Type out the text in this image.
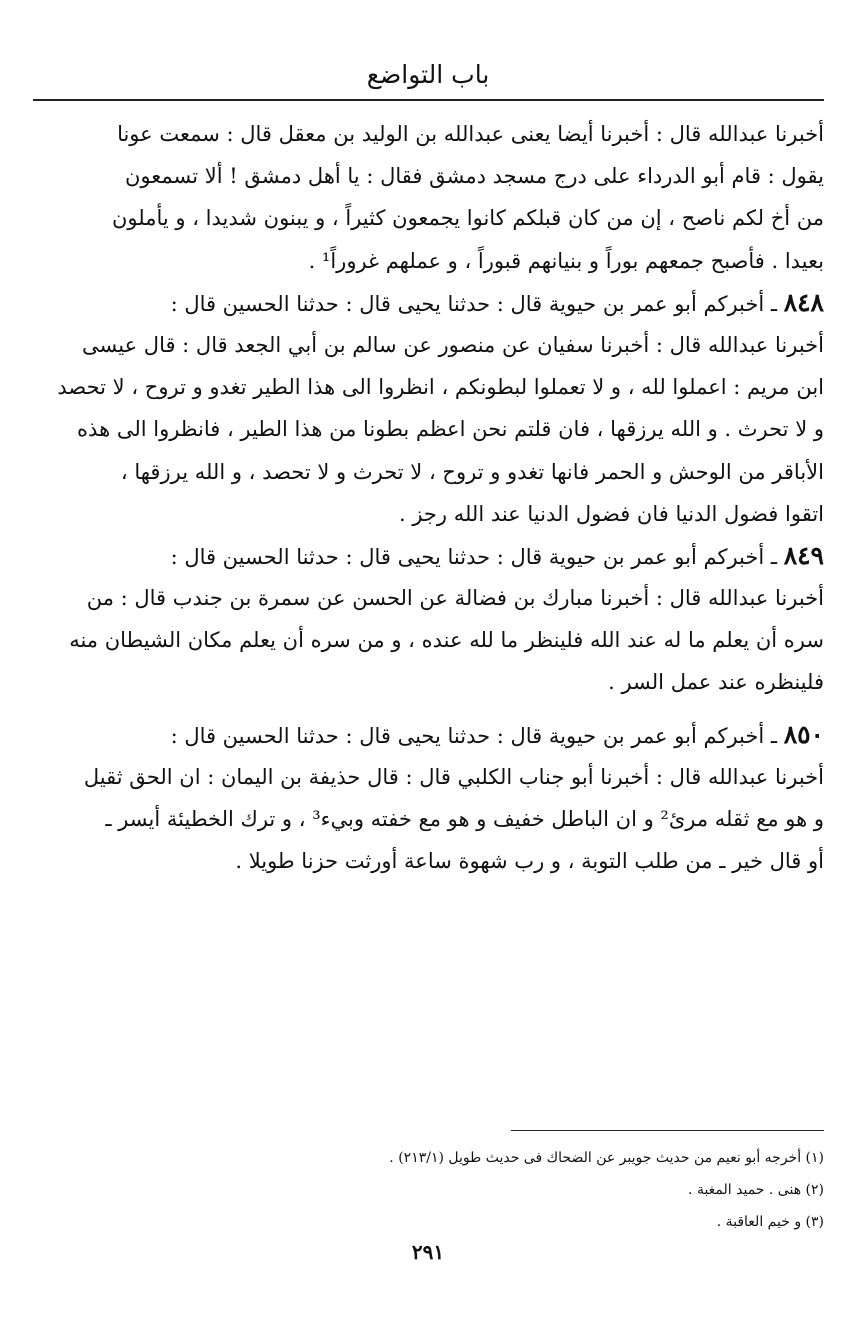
باب التواضع
أخبرنا عبدالله قال : أخبرنا أيضا يعنى عبدالله بن الوليد بن معقل قال : سمعت عونا
يقول : قام أبو الدرداء على درج مسجد دمشق فقال : يا أهل دمشق ! ألا تسمعون
من أخ لكم ناصح ، إن من كان قبلكم كانوا يجمعون كثيراً ، و يبنون شديدا ، و يأملون
بعيدا . فأصبح جمعهم بوراً و بنيانهم قبوراً ، و عملهم غروراً¹ .
٨٤٨ ـ أخبركم أبو عمر بن حيوية قال : حدثنا يحيى قال : حدثنا الحسين قال :
أخبرنا عبدالله قال : أخبرنا سفيان عن منصور عن سالم بن أبي الجعد قال : قال عيسى
ابن مريم : اعملوا لله ، و لا تعملوا لبطونكم ، انظروا الى هذا الطير تغدو و تروح ، لا تحصد
و لا تحرث . و الله يرزقها ، فان قلتم نحن اعظم بطونا من هذا الطير ، فانظروا الى هذه
الأباقر من الوحش و الحمر فانها تغدو و تروح ، لا تحرث و لا تحصد ، و الله يرزقها ،
اتقوا فضول الدنيا فان فضول الدنيا عند الله رجز .
٨٤٩ ـ أخبركم أبو عمر بن حيوية قال : حدثنا يحيى قال : حدثنا الحسين قال :
أخبرنا عبدالله قال : أخبرنا مبارك بن فضالة عن الحسن عن سمرة بن جندب قال : من
سره أن يعلم ما له عند الله فلينظر ما لله عنده ، و من سره أن يعلم مكان الشيطان منه
فلينظره عند عمل السر .
٨٥٠ ـ أخبركم أبو عمر بن حيوية قال : حدثنا يحيى قال : حدثنا الحسين قال :
أخبرنا عبدالله قال : أخبرنا أبو جناب الكلبي قال : قال حذيفة بن اليمان : ان الحق ثقيل
و هو مع ثقله مرئ² و ان الباطل خفيف و هو مع خفته وبيء³ ، و ترك الخطيئة أيسر ـ
أو قال خير ـ من طلب التوبة ، و رب شهوة ساعة أورثت حزنا طويلا .
(١) أخرجه أبو نعيم من حديث جويبر عن الضحاك فى حديث طويل (٢١٣/١) .
(٢) هنى . حميد المغبة .
(٣) و خيم العاقبة .
٢٩١
